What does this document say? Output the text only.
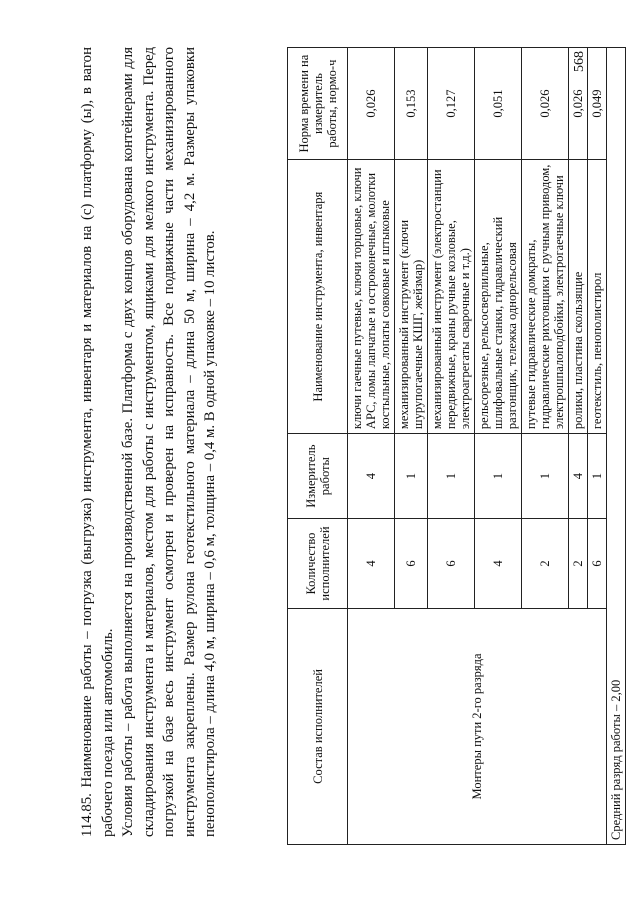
568

114.85. Наименование работы – погрузка (выгрузка) инструмента, инвентаря и материалов на (с) платформу (ы), в вагон рабочего поезда или автомобиль. Условия работы – работа выполняется на производственной базе. Платформа с двух концов оборудована контейнерами для складирования инструмента и материалов, местом для работы с инструментом, ящиками для мелкого инструмента. Перед погрузкой на базе весь инструмент осмотрен и проверен на исправность. Все подвижные части механизированного инструмента закреплены. Размер рулона геотекстильного материала – длина 50 м, ширина – 4,2 м. Размеры упаковки пенополистирола – длина 4,0 м, ширина – 0,6 м, толщина – 0,4 м. В одной упаковке – 10 листов.	Состав исполнителей	Количество исполнителей	Измеритель работы	Наименование инструмента, инвентаря	Норма времени на измеритель работы, нормо-ч
Монтеры пути 2-го разряда	4	4	ключи гаечные путевые, ключи торцовые, ключи АРС, ломы лапчатые и остроконечные, молотки костыльные, лопаты совковые и штыковые	0,026
	6	1	механизированный инструмент (ключи шурупогаечные КШГ, жейзмар)	0,153
	6	1	механизированный инструмент (электростанции передвижные, краны ручные козловые, электроагрегаты сварочные и т.д.)	0,127
	4	1	рельсорезные, рельсосверлильные, шлифовальные станки, гидравлический разгонщик, тележка однорельсовая	0,051
	2	1	путевые гидравлические домкраты, гидравлические рихтовщики с ручным приводом, электрошпалоподбойки, электрогаечные ключи	0,026
	2	4	ролики, пластина скользящие	0,026
	6	1	геотекстиль, пенополистирол	0,049
Средний разряд работы – 2,00				
